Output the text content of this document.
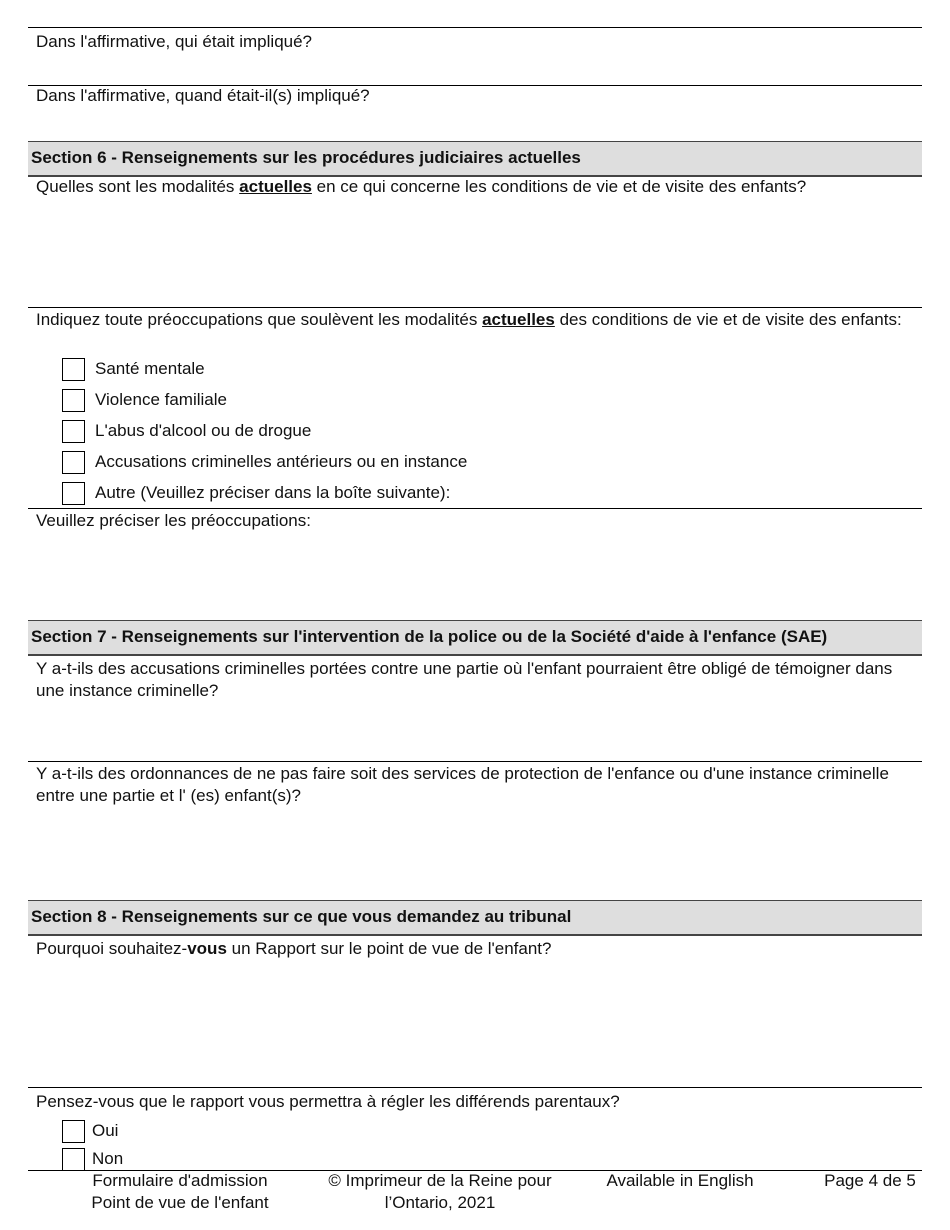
Dans l'affirmative, qui était impliqué?
Dans l'affirmative, quand était-il(s) impliqué?
Section 6 - Renseignements sur les procédures judiciaires actuelles
Quelles sont les modalités actuelles en ce qui concerne les conditions de vie et de visite des enfants?
Indiquez toute préoccupations que soulèvent les modalités actuelles des conditions de vie et de visite des enfants:
Santé mentale
Violence familiale
L'abus d'alcool ou de drogue
Accusations criminelles antérieurs ou en instance
Autre (Veuillez préciser dans la boîte suivante):
Veuillez préciser les préoccupations:
Section 7 - Renseignements sur l'intervention de la police ou de la Société d'aide à l'enfance (SAE)
Y a-t-ils des accusations criminelles portées contre une partie où l'enfant pourraient être obligé de témoigner dans une instance criminelle?
Y a-t-ils des ordonnances de ne pas faire soit des services de protection de l'enfance ou d'une instance criminelle entre une partie et l' (es) enfant(s)?
Section 8 - Renseignements sur ce que vous demandez au tribunal
Pourquoi souhaitez-vous un Rapport sur le point de vue de l'enfant?
Pensez-vous que le rapport vous permettra à régler les différends parentaux?
Oui
Non
Formulaire d'admission
Point de vue de l'enfant
© Imprimeur de la Reine pour
l’Ontario, 2021
Available in English	Page 4 de 5
